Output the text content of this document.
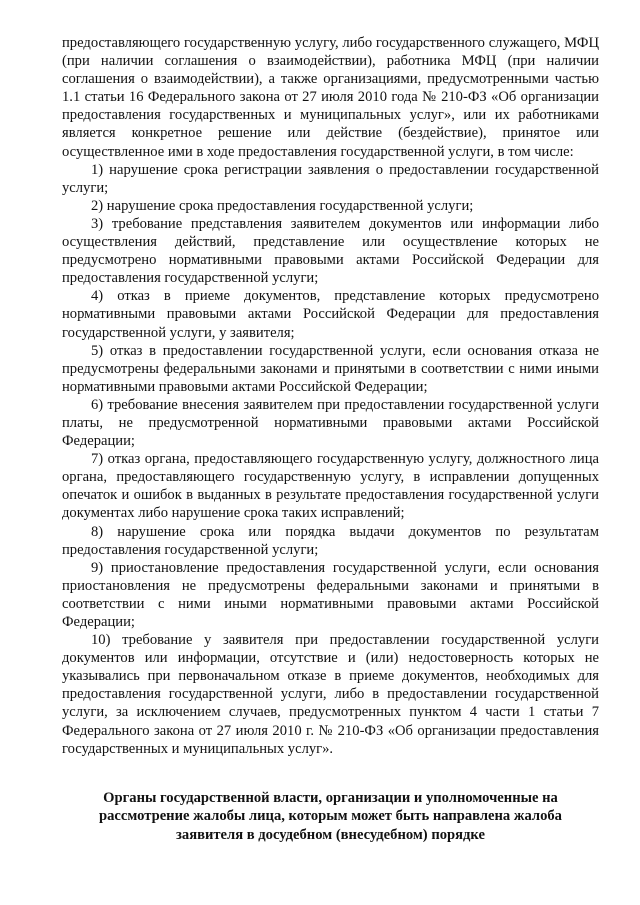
предоставляющего государственную услугу, либо государственного служащего, МФЦ (при наличии соглашения о взаимодействии), работника МФЦ (при наличии соглашения о взаимодействии), а также организациями, предусмотренными частью 1.1 статьи 16 Федерального закона от 27 июля 2010 года № 210-ФЗ «Об организации предоставления государственных и муниципальных услуг», или их работниками является конкретное решение или действие (бездействие), принятое или осуществленное ими в ходе предоставления государственной услуги, в том числе:

1) нарушение срока регистрации заявления о предоставлении государственной услуги;

2) нарушение срока предоставления государственной услуги;

3) требование представления заявителем документов или информации либо осуществления действий, представление или осуществление которых не предусмотрено нормативными правовыми актами Российской Федерации для предоставления государственной услуги;

4) отказ в приеме документов, представление которых предусмотрено нормативными правовыми актами Российской Федерации для предоставления государственной услуги, у заявителя;

5) отказ в предоставлении государственной услуги, если основания отказа не предусмотрены федеральными законами и принятыми в соответствии с ними иными нормативными правовыми актами Российской Федерации;

6) требование внесения заявителем при предоставлении государственной услуги платы, не предусмотренной нормативными правовыми актами Российской Федерации;

7) отказ органа, предоставляющего государственную услугу, должностного лица органа, предоставляющего государственную услугу, в исправлении допущенных опечаток и ошибок в выданных в результате предоставления государственной услуги документах либо нарушение срока таких исправлений;

8) нарушение срока или порядка выдачи документов по результатам предоставления государственной услуги;

9) приостановление предоставления государственной услуги, если основания приостановления не предусмотрены федеральными законами и принятыми в соответствии с ними иными нормативными правовыми актами Российской Федерации;

10) требование у заявителя при предоставлении государственной услуги документов или информации, отсутствие и (или) недостоверность которых не указывались при первоначальном отказе в приеме документов, необходимых для предоставления государственной услуги, либо в предоставлении государственной услуги, за исключением случаев, предусмотренных пунктом 4 части 1 статьи 7 Федерального закона от 27 июля 2010 г. № 210-ФЗ «Об организации предоставления государственных и муниципальных услуг».

Органы государственной власти, организации и уполномоченные на рассмотрение жалобы лица, которым может быть направлена жалоба заявителя в досудебном (внесудебном) порядке
